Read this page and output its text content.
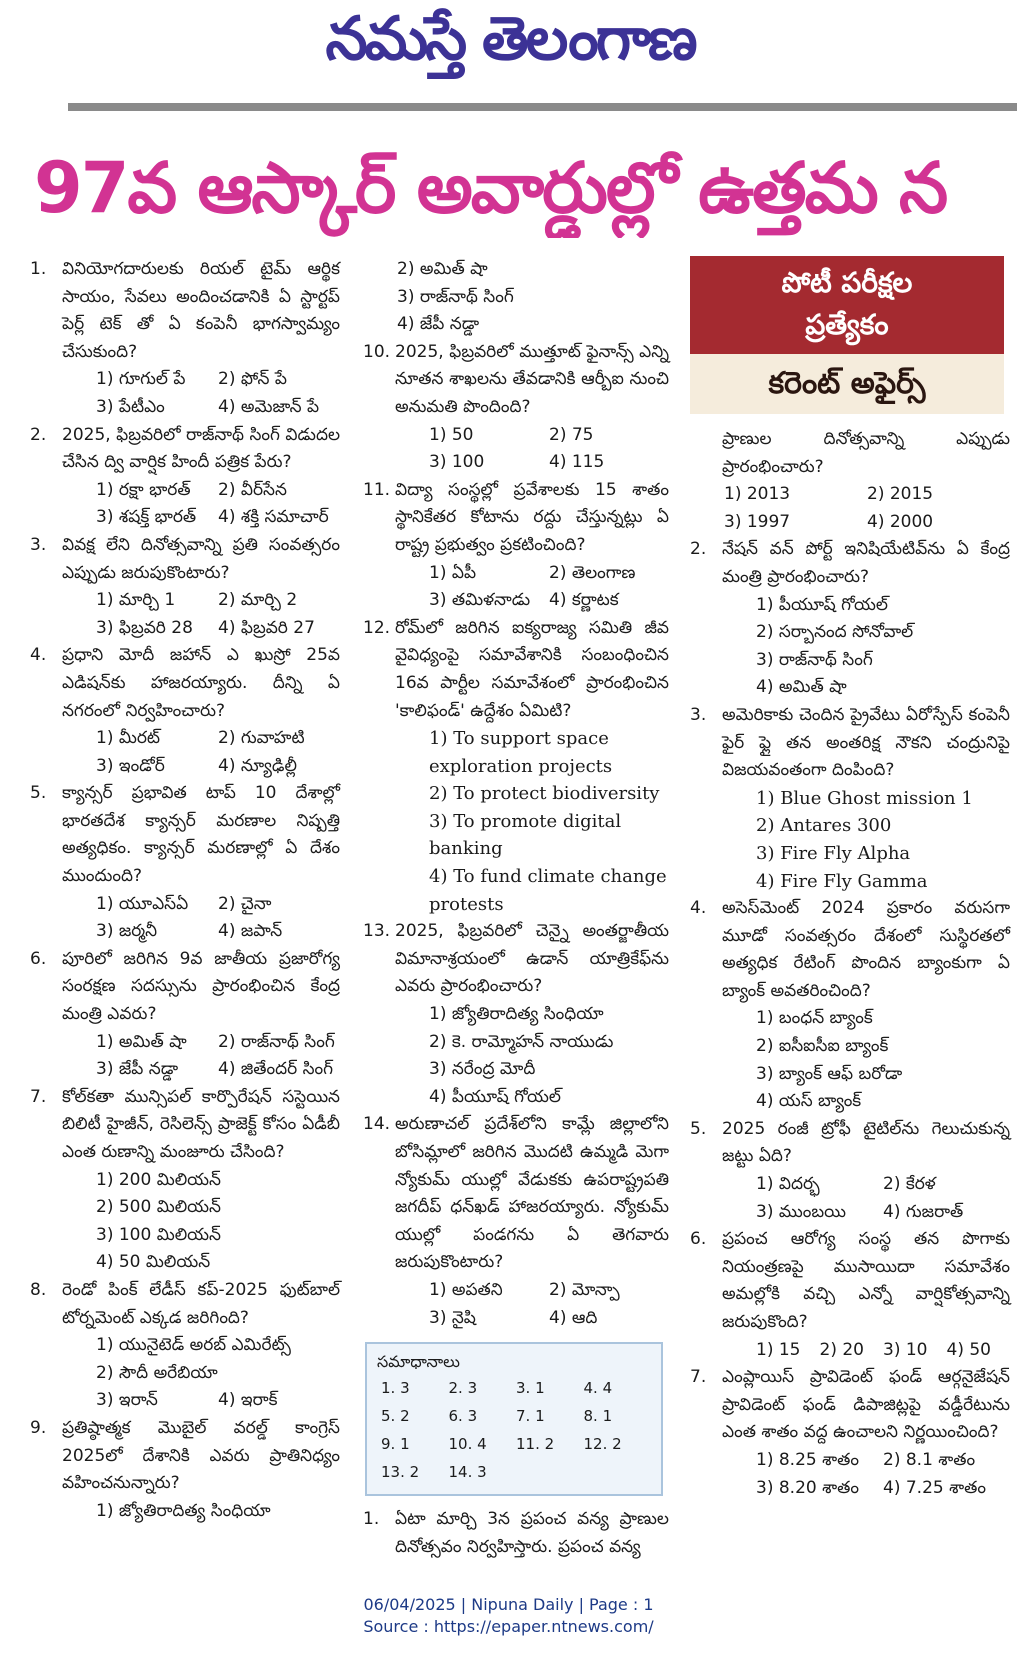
నమస్తే తెలంగాణ
97వ ఆస్కార్ అవార్డుల్లో ఉత్తమ న
1. వినియోగదారులకు రియల్ టైమ్ ఆర్థిక సాయం, సేవలు అందించడానికి ఏ స్టార్టప్ పెర్ల్ టెక్ తో ఏ కంపెనీ భాగస్వామ్యం చేసుకుంది?
1) గూగుల్ పే	2) ఫోన్ పే
3) పేటీఎం	4) అమెజాన్ పే
2. 2025, ఫిబ్రవరిలో రాజ్‌నాథ్ సింగ్ విడుదల చేసిన ద్వి వార్షిక హిందీ పత్రిక పేరు?
1) రక్షా భారత్	2) వీర్‌సేన
3) శషక్త్ భారత్	4) శక్తి సమాచార్
3. వివక్ష లేని దినోత్సవాన్ని ప్రతి సంవత్సరం ఎప్పుడు జరుపుకొంటారు?
1) మార్చి 1	2) మార్చి 2
3) ఫిబ్రవరి 28	4) ఫిబ్రవరి 27
4. ప్రధాని మోదీ జహాన్ ఎ ఖుస్రో 25వ ఎడిషన్‌కు హాజరయ్యారు. దీన్ని ఏ నగరంలో నిర్వహించారు?
1) మీరట్	2) గువాహటి
3) ఇండోర్	4) న్యూఢిల్లీ
5. క్యాన్సర్ ప్రభావిత టాప్ 10 దేశాల్లో భారతదేశ క్యాన్సర్ మరణాల నిష్పత్తి అత్యధికం. క్యాన్సర్ మరణాల్లో ఏ దేశం ముందుంది?
1) యూఎస్‌ఏ	2) చైనా
3) జర్మనీ	4) జపాన్
6. పూరిలో జరిగిన 9వ జాతీయ ప్రజారోగ్య సంరక్షణ సదస్సును ప్రారంభించిన కేంద్ర మంత్రి ఎవరు?
1) అమిత్ షా	2) రాజ్‌నాథ్ సింగ్
3) జేపీ నడ్డా	4) జితేందర్ సింగ్
7. కోల్‌కతా మున్సిపల్ కార్పొరేషన్ సస్టెయిన బిలిటీ హైజీన్, రెసిలెన్స్ ప్రాజెక్ట్ కోసం ఏడీబీ ఎంత రుణాన్ని మంజూరు చేసింది?
1) 200 మిలియన్
2) 500 మిలియన్
3) 100 మిలియన్
4) 50 మిలియన్
8. రెండో పింక్ లేడీస్ కప్-2025 ఫుట్‌బాల్ టోర్నమెంట్ ఎక్కడ జరిగింది?
1) యునైటెడ్ అరబ్ ఎమిరేట్స్
2) సౌదీ అరేబియా
3) ఇరాన్	4) ఇరాక్
9. ప్రతిష్ఠాత్మక మొబైల్ వరల్డ్ కాంగ్రెస్ 2025లో దేశానికి ఎవరు ప్రాతినిధ్యం వహించనున్నారు?
1) జ్యోతిరాదిత్య సింధియా
2) అమిత్ షా
3) రాజ్‌నాథ్ సింగ్
4) జేపీ నడ్డా
10. 2025, ఫిబ్రవరిలో ముత్తూట్ ఫైనాన్స్ ఎన్ని నూతన శాఖలను తేవడానికి ఆర్బీఐ నుంచి అనుమతి పొందింది?
1) 50	2) 75
3) 100	4) 115
11. విద్యా సంస్థల్లో ప్రవేశాలకు 15 శాతం స్థానికేతర కోటాను రద్దు చేస్తున్నట్లు ఏ రాష్ట్ర ప్రభుత్వం ప్రకటించింది?
1) ఏపీ	2) తెలంగాణ
3) తమిళనాడు	4) కర్ణాటక
12. రోమ్‌లో జరిగిన ఐక్యరాజ్య సమితి జీవ వైవిధ్యంపై సమావేశానికి సంబంధించిన 16వ పార్టీల సమావేశంలో ప్రారంభించిన 'కాలిఫండ్' ఉద్దేశం ఏమిటి?
1) To support space exploration projects
2) To protect biodiversity
3) To promote digital banking
4) To fund climate change protests
13. 2025, ఫిబ్రవరిలో చెన్నై అంతర్జాతీయ విమానాశ్రయంలో ఉడాన్ యాత్రికేఫ్‌ను ఎవరు ప్రారంభించారు?
1) జ్యోతిరాదిత్య సింధియా
2) కె. రామ్మోహన్ నాయుడు
3) నరేంద్ర మోదీ
4) పీయూష్ గోయల్
14. అరుణాచల్ ప్రదేశ్‌లోని కామ్లే జిల్లాలోని బోసిమ్లాలో జరిగిన మొదటి ఉమ్మడి మెగా న్యోకుమ్ యుల్లో వేడుకకు ఉపరాష్ట్రపతి జగదీప్ ధన్‌ఖడ్ హాజరయ్యారు. న్యోకుమ్ యుల్లో పండగను ఏ తెగవారు జరుపుకొంటారు?
1) అపతని	2) మోన్పా
3) నైషి	4) ఆది
సమాధానాలు
1. 3	2. 3	3. 1	4. 4
5. 2	6. 3	7. 1	8. 1
9. 1	10. 4	11. 2	12. 2
13. 2	14. 3
1. ఏటా మార్చి 3న ప్రపంచ వన్య ప్రాణుల దినోత్సవం నిర్వహిస్తారు. ప్రపంచ వన్య
పోటీ పరీక్షల
ప్రత్యేకం
కరెంట్ అఫైర్స్
ప్రాణుల దినోత్సవాన్ని ఎప్పుడు ప్రారంభించారు?
1) 2013	2) 2015
3) 1997	4) 2000
2. నేషన్ వన్ పోర్ట్ ఇనిషియేటివ్‌ను ఏ కేంద్ర మంత్రి ప్రారంభించారు?
1) పీయూష్ గోయల్
2) సర్బానంద సోనోవాల్
3) రాజ్‌నాథ్ సింగ్
4) అమిత్ షా
3. అమెరికాకు చెందిన ప్రైవేటు ఏరోస్పేస్ కంపెనీ ఫైర్ ఫ్లై తన అంతరిక్ష నౌకని చంద్రునిపై విజయవంతంగా దింపింది?
1) Blue Ghost mission 1
2) Antares 300
3) Fire Fly Alpha
4) Fire Fly Gamma
4. అసెస్‌మెంట్ 2024 ప్రకారం వరుసగా మూడో సంవత్సరం దేశంలో సుస్థిరతలో అత్యధిక రేటింగ్ పొందిన బ్యాంకుగా ఏ బ్యాంక్ అవతరించింది?
1) బంధన్ బ్యాంక్
2) ఐసీఐసీఐ బ్యాంక్
3) బ్యాంక్ ఆఫ్ బరోడా
4) యస్ బ్యాంక్
5. 2025 రంజీ ట్రోఫీ టైటిల్‌ను గెలుచుకున్న జట్టు ఏది?
1) విదర్భ	2) కేరళ
3) ముంబయి	4) గుజరాత్
6. ప్రపంచ ఆరోగ్య సంస్థ తన పొగాకు నియంత్రణపై ముసాయిదా సమావేశం అమల్లోకి వచ్చి ఎన్నో వార్షికోత్సవాన్ని జరుపుకొంది?
1) 15	2) 20	3) 10	4) 50
7. ఎంప్లాయిస్ ప్రావిడెంట్ ఫండ్ ఆర్గనైజేషన్ ప్రావిడెంట్ ఫండ్ డిపాజిట్లపై వడ్డీరేటును ఎంత శాతం వద్ద ఉంచాలని నిర్ణయించింది?
1) 8.25 శాతం	2) 8.1 శాతం
3) 8.20 శాతం	4) 7.25 శాతం
06/04/2025 | Nipuna Daily | Page : 1
Source : https://epaper.ntnews.com/
